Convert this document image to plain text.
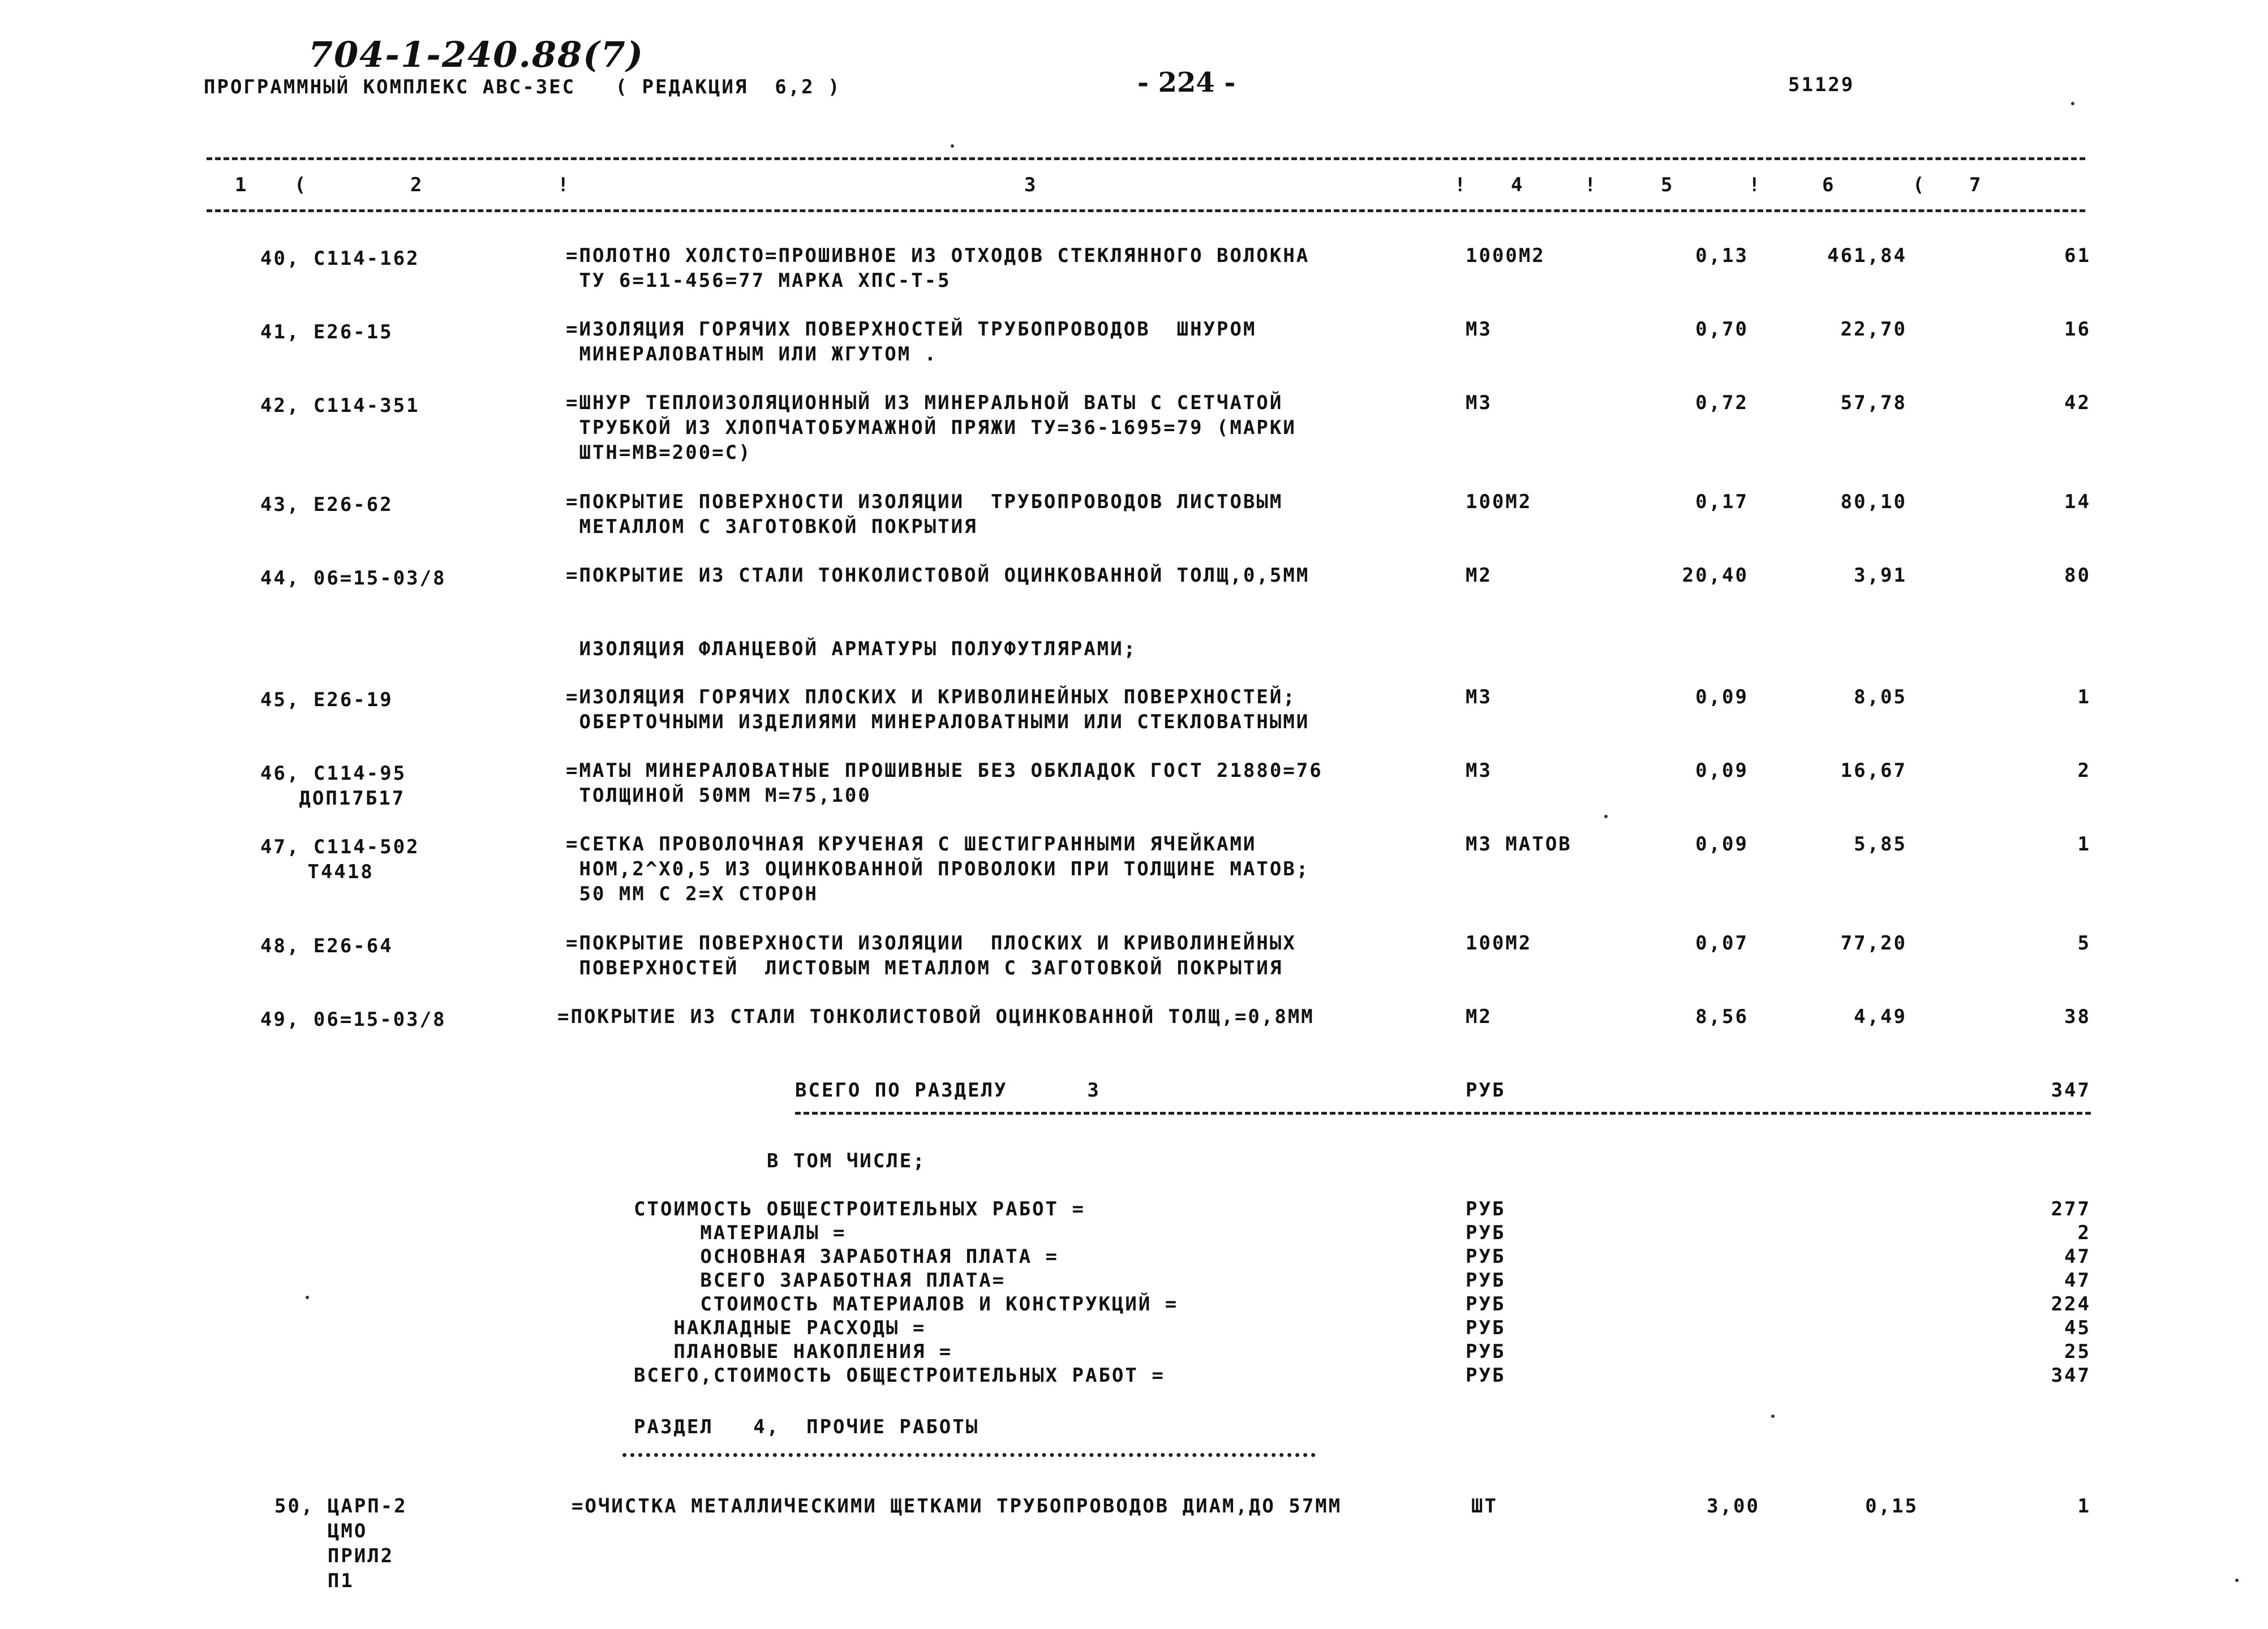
704-1-240.88(7)
ПРОГРАММНЫЙ КОМПЛЕКС АВС-3ЕС   ( РЕДАКЦИЯ  6,2 )	- 224 -	51129
1 (	2	!	3	! 4	!	5	!	6	( 7
40, С114-162	=ПОЛОТНО ХОЛСТО=ПРОШИВНОЕ ИЗ ОТХОДОВ СТЕКЛЯННОГО ВОЛОКНА
ТУ 6=11-456=77 МАРКА ХПС-Т-5
1000М2	0,13	461,84	61
41, Е26-15	=ИЗОЛЯЦИЯ ГОРЯЧИХ ПОВЕРХНОСТЕЙ ТРУБОПРОВОДОВ  ШНУРОМ
МИНЕРАЛОВАТНЫМ ИЛИ ЖГУТОМ .
М3	0,70	22,70	16
42, С114-351	=ШНУР ТЕПЛОИЗОЛЯЦИОННЫЙ ИЗ МИНЕРАЛЬНОЙ ВАТЫ С СЕТЧАТОЙ
ТРУБКОЙ ИЗ ХЛОПЧАТОБУМАЖНОЙ ПРЯЖИ ТУ=36-1695=79 (МАРКИ
ШТН=МВ=200=С)
М3	0,72	57,78	42
43, Е26-62	=ПОКРЫТИЕ ПОВЕРХНОСТИ ИЗОЛЯЦИИ  ТРУБОПРОВОДОВ ЛИСТОВЫМ
МЕТАЛЛОМ С ЗАГОТОВКОЙ ПОКРЫТИЯ
100М2	0,17	80,10	14
44, 06=15-03/8	=ПОКРЫТИЕ ИЗ СТАЛИ ТОНКОЛИСТОВОЙ ОЦИНКОВАННОЙ ТОЛЩ,0,5ММ	М2	20,40	3,91	80
ИЗОЛЯЦИЯ ФЛАНЦЕВОЙ АРМАТУРЫ ПОЛУФУТЛЯРАМИ;
45, Е26-19	=ИЗОЛЯЦИЯ ГОРЯЧИХ ПЛОСКИХ И КРИВОЛИНЕЙНЫХ ПОВЕРХНОСТЕЙ;
ОБЕРТОЧНЫМИ ИЗДЕЛИЯМИ МИНЕРАЛОВАТНЫМИ ИЛИ СТЕКЛОВАТНЫМИ
М3	0,09	8,05	1
46, С114-95
ДОП17Б17
=МАТЫ МИНЕРАЛОВАТНЫЕ ПРОШИВНЫЕ БЕЗ ОБКЛАДОК ГОСТ 21880=76
ТОЛЩИНОЙ 50ММ М=75,100
М3	0,09	16,67	2
47, С114-502
Т4418
=СЕТКА ПРОВОЛОЧНАЯ КРУЧЕНАЯ С ШЕСТИГРАННЫМИ ЯЧЕЙКАМИ
НОМ,2^Х0,5 ИЗ ОЦИНКОВАННОЙ ПРОВОЛОКИ ПРИ ТОЛЩИНЕ МАТОВ;
50 ММ С 2=Х СТОРОН
М3 МАТОВ	0,09	5,85	1
48, Е26-64	=ПОКРЫТИЕ ПОВЕРХНОСТИ ИЗОЛЯЦИИ  ПЛОСКИХ И КРИВОЛИНЕЙНЫХ
ПОВЕРХНОСТЕЙ  ЛИСТОВЫМ МЕТАЛЛОМ С ЗАГОТОВКОЙ ПОКРЫТИЯ
100М2	0,07	77,20	5
49, 06=15-03/8	=ПОКРЫТИЕ ИЗ СТАЛИ ТОНКОЛИСТОВОЙ ОЦИНКОВАННОЙ ТОЛЩ,=0,8ММ	М2	8,56	4,49	38
ВСЕГО ПО РАЗДЕЛУ      3	РУБ	347
В ТОМ ЧИСЛЕ;
СТОИМОСТЬ ОБЩЕСТРОИТЕЛЬНЫХ РАБОТ =	РУБ	277
МАТЕРИАЛЫ =	РУБ	2
ОСНОВНАЯ ЗАРАБОТНАЯ ПЛАТА =	РУБ	47
ВСЕГО ЗАРАБОТНАЯ ПЛАТА=	РУБ	47
СТОИМОСТЬ МАТЕРИАЛОВ И КОНСТРУКЦИЙ =	РУБ	224
НАКЛАДНЫЕ РАСХОДЫ =	РУБ	45
ПЛАНОВЫЕ НАКОПЛЕНИЯ =	РУБ	25
ВСЕГО,СТОИМОСТЬ ОБЩЕСТРОИТЕЛЬНЫХ РАБОТ =	РУБ	347
РАЗДЕЛ   4,  ПРОЧИЕ РАБОТЫ
50, ЦАРП-2
ЦМО
ПРИЛ2
П1
=ОЧИСТКА МЕТАЛЛИЧЕСКИМИ ЩЕТКАМИ ТРУБОПРОВОДОВ ДИАМ,ДО 57ММ	ШТ	3,00	0,15	1
